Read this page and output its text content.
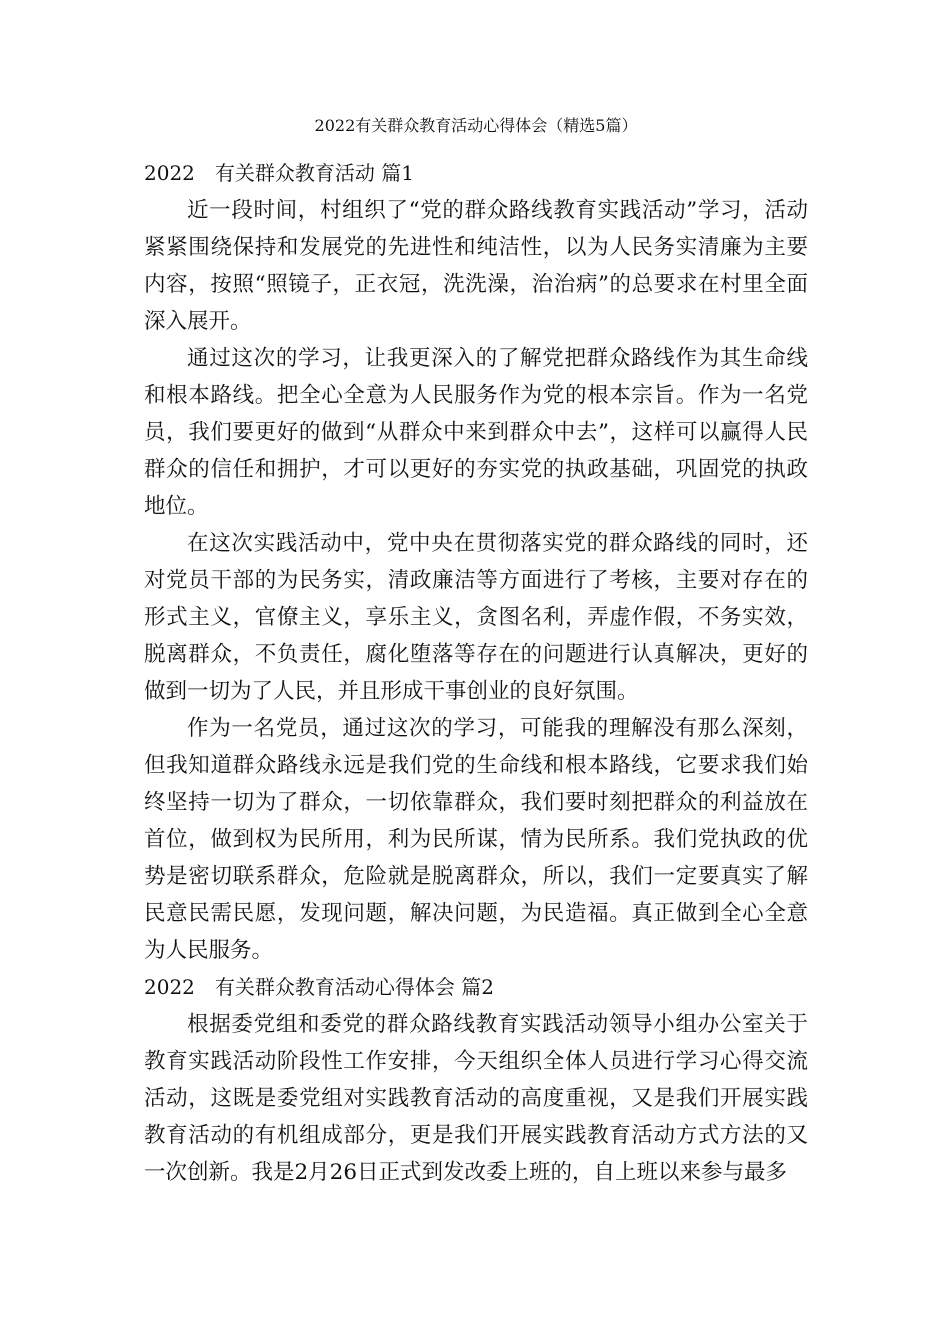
2022有关群众教育活动心得体会（精选5篇）
2022　有关群众教育活动 篇1

近一段时间，村组织了“党的群众路线教育实践活动”学习，活动紧紧围绕保持和发展党的先进性和纯洁性，以为人民务实清廉为主要内容，按照“照镜子，正衣冠，洗洗澡，治治病”的总要求在村里全面深入展开。

通过这次的学习，让我更深入的了解党把群众路线作为其生命线和根本路线。把全心全意为人民服务作为党的根本宗旨。作为一名党员，我们要更好的做到“从群众中来到群众中去”，这样可以赢得人民群众的信任和拥护，才可以更好的夯实党的执政基础，巩固党的执政地位。

在这次实践活动中，党中央在贯彻落实党的群众路线的同时，还对党员干部的为民务实，清政廉洁等方面进行了考核，主要对存在的形式主义，官僚主义，享乐主义，贪图名利，弄虚作假，不务实效，脱离群众，不负责任，腐化堕落等存在的问题进行认真解决，更好的做到一切为了人民，并且形成干事创业的良好氛围。

作为一名党员，通过这次的学习，可能我的理解没有那么深刻，但我知道群众路线永远是我们党的生命线和根本路线，它要求我们始终坚持一切为了群众，一切依靠群众，我们要时刻把群众的利益放在首位，做到权为民所用，利为民所谋，情为民所系。我们党执政的优势是密切联系群众，危险就是脱离群众，所以，我们一定要真实了解民意民需民愿，发现问题，解决问题，为民造福。真正做到全心全意为人民服务。

2022　有关群众教育活动心得体会 篇2

根据委党组和委党的群众路线教育实践活动领导小组办公室关于教育实践活动阶段性工作安排，今天组织全体人员进行学习心得交流活动，这既是委党组对实践教育活动的高度重视，又是我们开展实践教育活动的有机组成部分，更是我们开展实践教育活动方式方法的又一次创新。我是2月26日正式到发改委上班的，自上班以来参与最多
